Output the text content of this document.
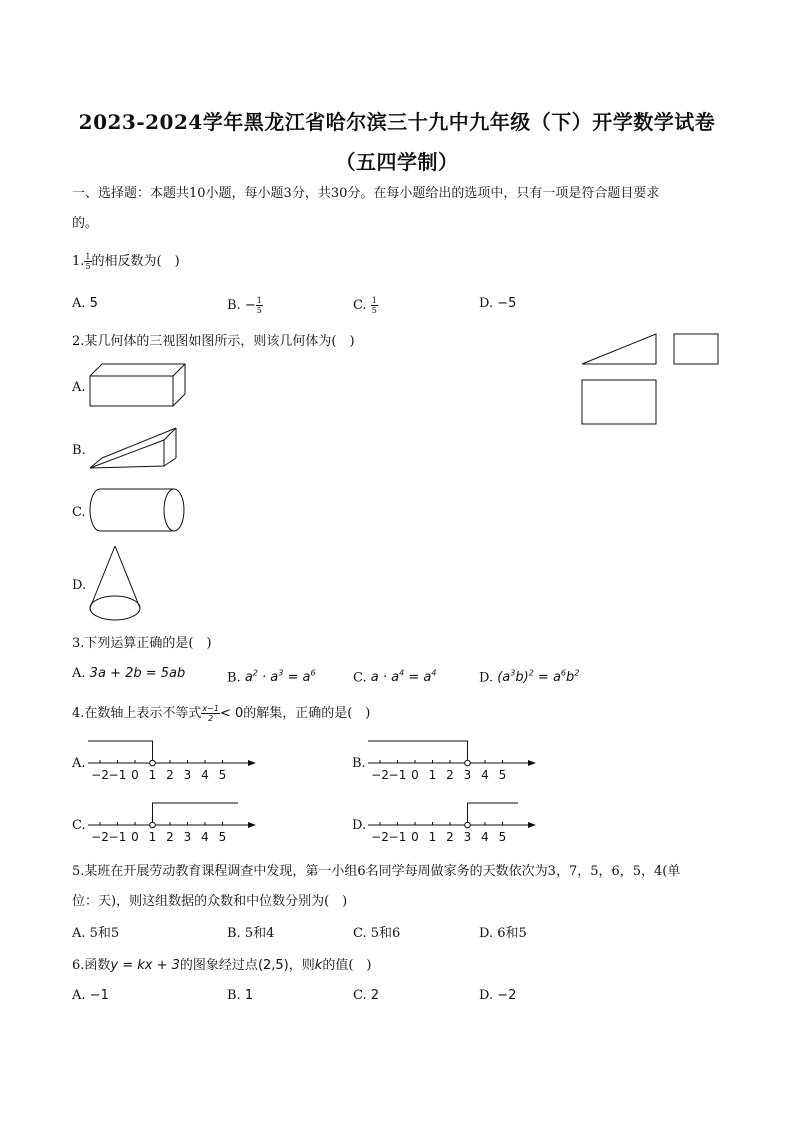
2023-2024学年黑龙江省哈尔滨三十九中九年级（下）开学数学试卷
（五四学制）
一、选择题：本题共10小题，每小题3分，共30分。在每小题给出的选项中，只有一项是符合题目要求
的。
1. $\frac{1}{5}$ 的相反数为(　)
A. 5	B. − $\frac{1}{5}$	C. $\frac{1}{5}$	D. −5
2.某几何体的三视图如图所示，则该几何体为(　)
A.
B.
C.
D.
3.下列运算正确的是(　)
A. 3a + 2b = 5ab	B. $a^2 \cdot a^3 = a^6$	C. $a \cdot a^4 = a^4$	D. $(a^3b)^2 = a^6b^2$
4.在数轴上表示不等式 $\frac{x-1}{2} < 0$的解集，正确的是(　)
A.	B.
C.	D.
−2 −1 0 1 2 3 4 5	−2 −1 0 1 2 3 4 5
−2 −1 0 1 2 3 4 5	−2 −1 0 1 2 3 4 5
5.某班在开展劳动教育课程调查中发现，第一小组6名同学每周做家务的天数依次为3，7，5，6，5，4(单
位：天)，则这组数据的众数和中位数分别为(　)
A. 5和5	B. 5和4	C. 5和6	D. 6和5
6.函数y = kx + 3的图象经过点(2,5)，则k的值(　)
A. −1	B. 1	C. 2	D. −2
